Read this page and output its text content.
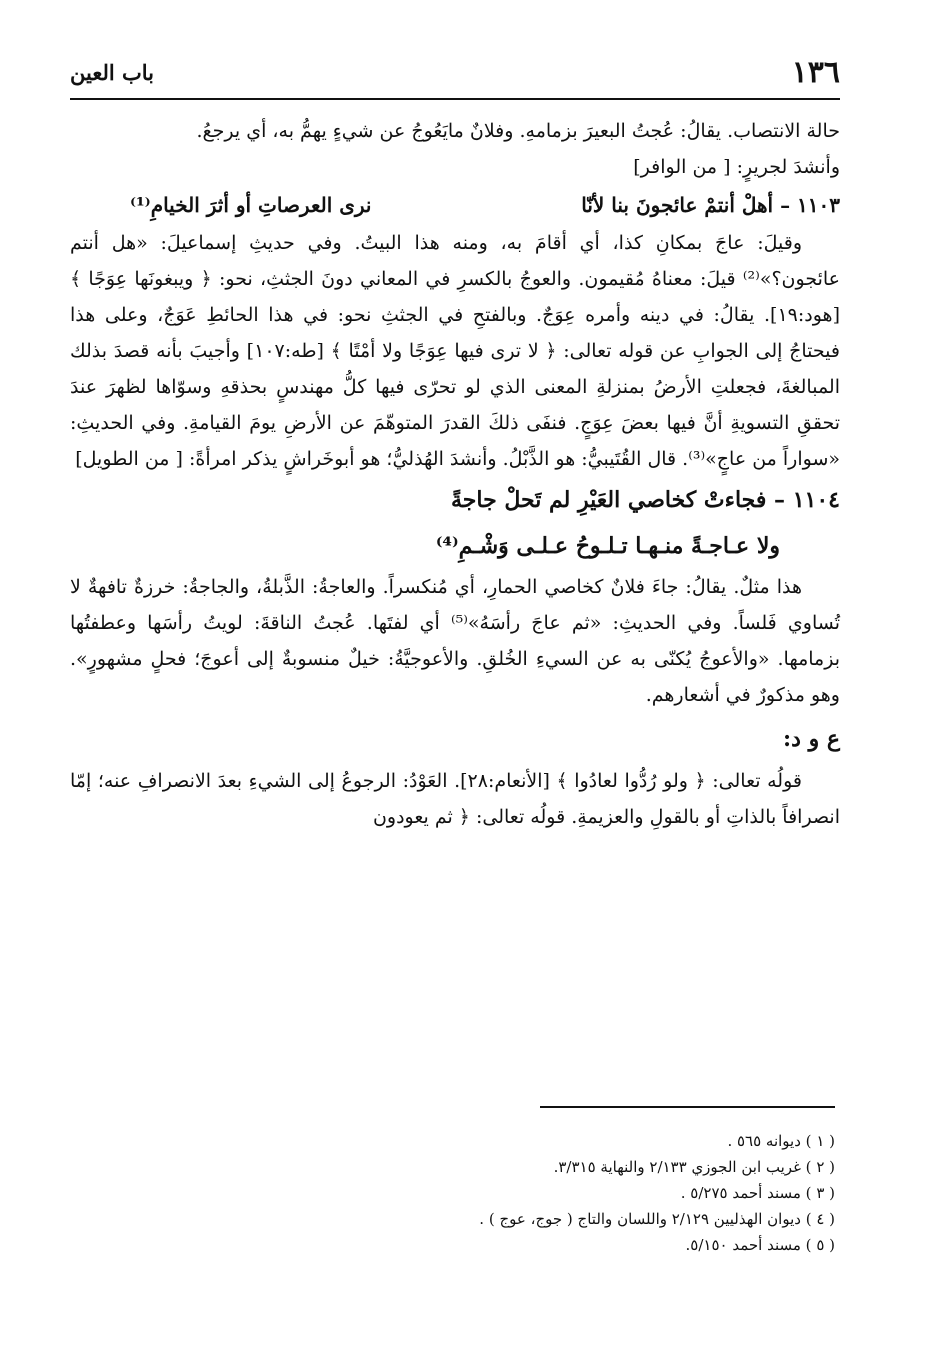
١٣٦
باب العين

حالة الانتصاب. يقالُ: عُجتُ البعيرَ بزمامهِ. وفلانٌ مايَعُوجُ عن شيءٍ يهمُّ به، أي يرجعُ.

وأنشدَ لجريرٍ: [ من الوافر]

١١٠٣ – أهلْ أنتمْ عائجونَ بنا لأنّا
نرى العرصاتِ أو أثرَ الخيامِ⁽¹⁾

وقيلَ: عاجَ بمكانِ كذا، أي أقامَ به، ومنه هذا البيتُ. وفي حديثِ إسماعيلَ: «هل أنتم عائجون؟»⁽²⁾ قيلَ: معناهُ مُقيمون. والعوجُ بالكسرِ في المعاني دونَ الجثثِ، نحو: ﴿ ويبغونَها عِوَجًا ﴾ [هود:١٩]. يقالُ: في دينه وأمره عِوَجٌ. وبالفتحِ في الجثثِ نحو: في هذا الحائطِ عَوَجٌ، وعلى هذا فيحتاجُ إلى الجوابِ عن قوله تعالى: ﴿ لا ترى فيها عِوَجًا ولا أمْتًا ﴾ [طه:١٠٧] وأجيبَ بأنه قصدَ بذلك المبالغةَ، فجعلتِ الأرضُ بمنزلةِ المعنى الذي لو تحرّى فيها كلُّ مهندسٍ بحذقهِ وسوّاها لظهرَ عندَ تحققِ التسويةِ أنَّ فيها بعضَ عِوَجٍ. فنفَى ذلكَ القدرَ المتوهّمَ عن الأرضِ يومَ القيامةِ. وفي الحديثِ: «سواراً من عاجٍ»⁽³⁾. قال القُتَيبيُّ: هو الذَّبْلُ. وأنشدَ الهُذليُّ؛ هو أبوخَراشٍ يذكر امرأةً: [ من الطويل]

١١٠٤ – فجاءتْ كخاصي العَيْرِ لم تَحلْ جاجةً
ولا عـاجـةً منـهـا تـلـوحُ عـلـى وَشْـمِ⁽⁴⁾

هذا مثلٌ. يقالُ: جاءَ فلانٌ كخاصي الحمارِ، أي مُنكسراً. والعاجةُ: الذَّبلةُ، والجاجةُ: خرزةٌ تافهةٌ لا تُساوي فَلساً. وفي الحديثِ: «ثم عاجَ رأسَهُ»⁽⁵⁾ أي لفتَها. عُجتُ الناقةَ: لويتُ رأسَها وعطفتُها بزمامها. «والأعوجُ يُكنّى به عن السيءِ الخُلقِ. والأعوجيَّةُ: خيلٌ منسوبةٌ إلى أعوجَ؛ فحلٍ مشهورٍ». وهو مذكورٌ في أشعارهم.

ع و د:

قولُه تعالى: ﴿ ولو رُدُّوا لعادُوا ﴾ [الأنعام:٢٨]. العَوْدُ: الرجوعُ إلى الشيءِ بعدَ الانصرافِ عنه؛ إمّا انصرافاً بالذاتِ أو بالقولِ والعزيمةِ. قولُه تعالى: ﴿ ثم يعودون

( ١ ) ديوانه ٥٦٥ .
( ٢ ) غريب ابن الجوزي ٢/١٣٣ والنهاية ٣/٣١٥.
( ٣ ) مسند أحمد ٥/٢٧٥ .
( ٤ ) ديوان الهذليين ٢/١٢٩ واللسان والتاج ( جوج، عوج ) .
( ٥ ) مسند أحمد ٥/١٥٠.
